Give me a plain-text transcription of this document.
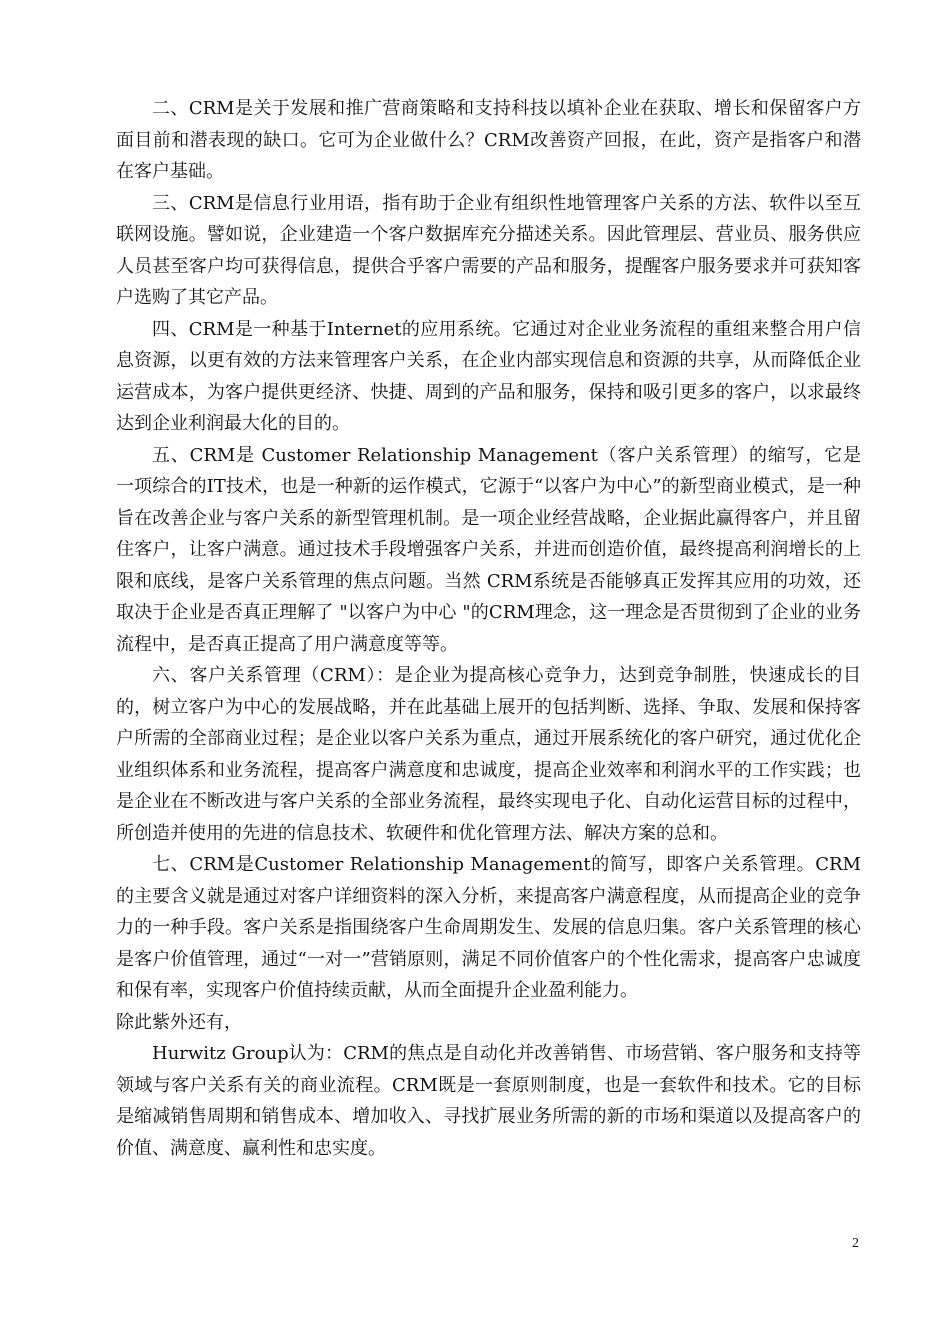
二、CRM是关于发展和推广营商策略和支持科技以填补企业在获取、增长和保留客户方面目前和潜表现的缺口。它可为企业做什么？CRM改善资产回报，在此，资产是指客户和潜在客户基础。

三、CRM是信息行业用语，指有助于企业有组织性地管理客户关系的方法、软件以至互联网设施。譬如说，企业建造一个客户数据库充分描述关系。因此管理层、营业员、服务供应人员甚至客户均可获得信息，提供合乎客户需要的产品和服务，提醒客户服务要求并可获知客户选购了其它产品。

四、CRM是一种基于Internet的应用系统。它通过对企业业务流程的重组来整合用户信息资源，以更有效的方法来管理客户关系，在企业内部实现信息和资源的共享，从而降低企业运营成本，为客户提供更经济、快捷、周到的产品和服务，保持和吸引更多的客户，以求最终达到企业利润最大化的目的。

五、CRM是 Customer Relationship Management（客户关系管理）的缩写，它是一项综合的IT技术，也是一种新的运作模式，它源于“以客户为中心”的新型商业模式，是一种旨在改善企业与客户关系的新型管理机制。是一项企业经营战略，企业据此赢得客户，并且留住客户，让客户满意。通过技术手段增强客户关系，并进而创造价值，最终提高利润增长的上限和底线，是客户关系管理的焦点问题。当然 CRM系统是否能够真正发挥其应用的功效，还取决于企业是否真正理解了 "以客户为中心 "的CRM理念，这一理念是否贯彻到了企业的业务流程中，是否真正提高了用户满意度等等。

六、客户关系管理（CRM）：是企业为提高核心竞争力，达到竞争制胜，快速成长的目的，树立客户为中心的发展战略，并在此基础上展开的包括判断、选择、争取、发展和保持客户所需的全部商业过程；是企业以客户关系为重点，通过开展系统化的客户研究，通过优化企业组织体系和业务流程，提高客户满意度和忠诚度，提高企业效率和利润水平的工作实践；也是企业在不断改进与客户关系的全部业务流程，最终实现电子化、自动化运营目标的过程中，所创造并使用的先进的信息技术、软硬件和优化管理方法、解决方案的总和。

七、CRM是Customer Relationship Management的简写，即客户关系管理。CRM的主要含义就是通过对客户详细资料的深入分析，来提高客户满意程度，从而提高企业的竞争力的一种手段。客户关系是指围绕客户生命周期发生、发展的信息归集。客户关系管理的核心是客户价值管理，通过“一对一”营销原则，满足不同价值客户的个性化需求，提高客户忠诚度和保有率，实现客户价值持续贡献，从而全面提升企业盈利能力。

除此紫外还有，

Hurwitz Group认为：CRM的焦点是自动化并改善销售、市场营销、客户服务和支持等领域与客户关系有关的商业流程。CRM既是一套原则制度，也是一套软件和技术。它的目标是缩减销售周期和销售成本、增加收入、寻找扩展业务所需的新的市场和渠道以及提高客户的价值、满意度、赢利性和忠实度。

2
